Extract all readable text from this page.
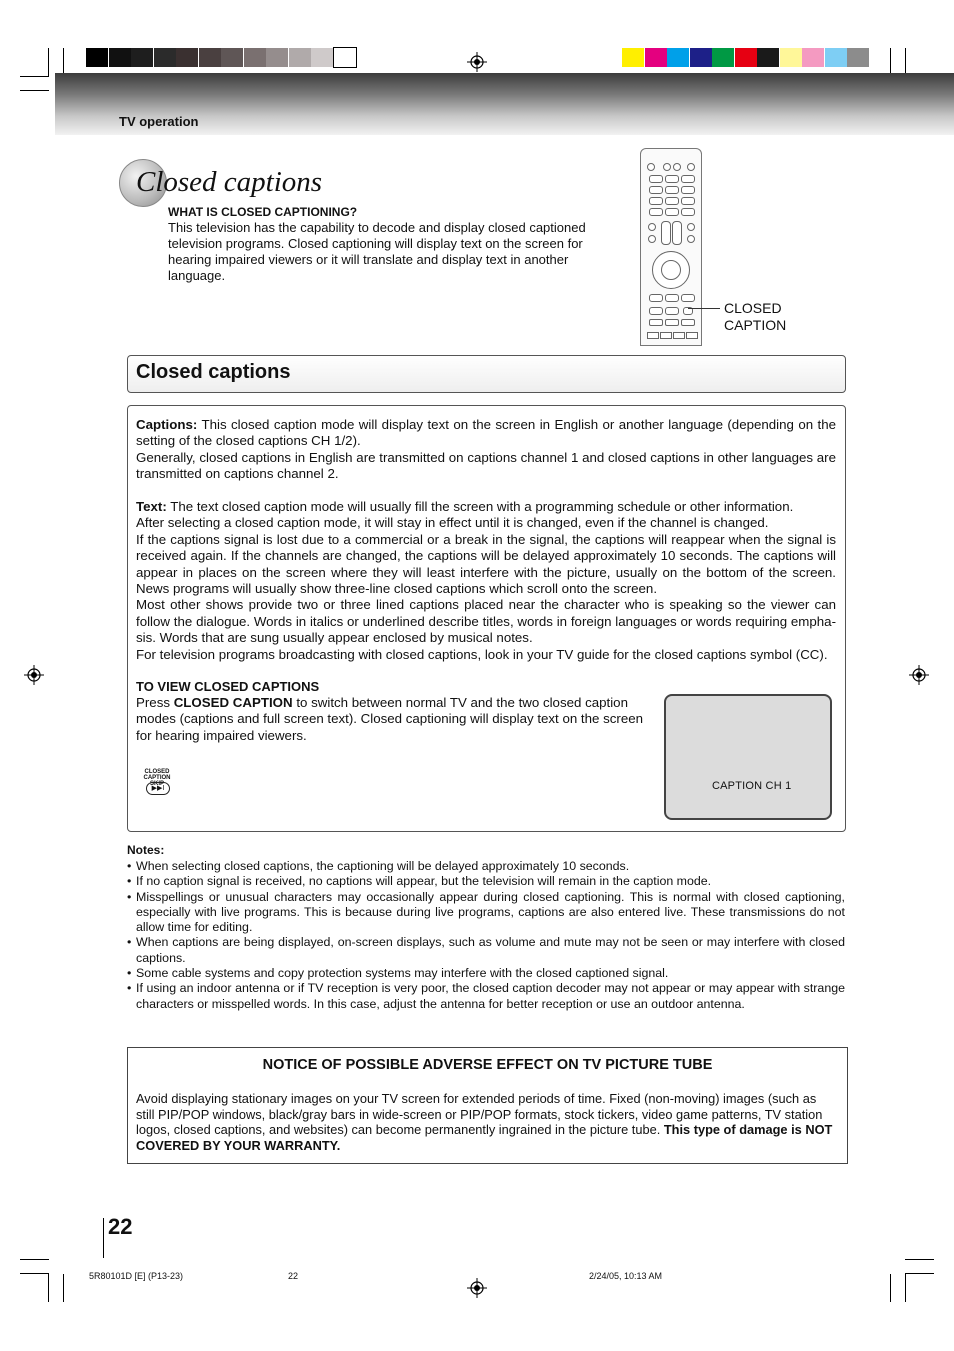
TV operation
Closed captions
WHAT IS CLOSED CAPTIONING?
This television has the capability to decode and display closed captioned television programs. Closed captioning will display text on the screen for hearing impaired viewers or it will translate and display text in another language.
CLOSED
CAPTION
Closed captions

Captions: This closed caption mode will display text on the screen in English or another language (depending on the setting of the closed captions CH 1/2).

Generally, closed captions in English are transmitted on captions channel 1 and closed captions in other languages are transmitted on captions channel 2.

Text: The text closed caption mode will usually fill the screen with a programming schedule or other information.

After selecting a closed caption mode, it will stay in effect until it is changed, even if the channel is changed.

If the captions signal is lost due to a commercial or a break in the signal, the captions will reappear when the signal is received again. If the channels are changed, the captions will be delayed approximately 10 seconds. The captions will appear in places on the screen where they will least interfere with the picture, usually on the bottom of the screen. News programs will usually show three-line closed captions which scroll onto the screen.

Most other shows provide two or three lined captions placed near the character who is speaking so the viewer can follow the dialogue. Words in italics or underlined describe titles, words in foreign languages or words requiring empha-sis. Words that are sung usually appear enclosed by musical notes.

For television programs broadcasting with closed captions, look in your TV guide for the closed captions symbol (CC).

TO VIEW CLOSED CAPTIONS
Press CLOSED CAPTION to switch between normal TV and the two closed caption modes (captions and full screen text). Closed captioning will display text on the screen for hearing impaired viewers.
CLOSED CAPTION
SKIP
▶▶I	CAPTION CH 1
Notes:

• When selecting closed captions, the captioning will be delayed approximately 10 seconds.

• If no caption signal is received, no captions will appear, but the television will remain in the caption mode.

• Misspellings or unusual characters may occasionally appear during closed captioning. This is normal with closed captioning, especially with live programs. This is because during live programs, captions are also entered live. These transmissions do not allow time for editing.

• When captions are being displayed, on-screen displays, such as volume and mute may not be seen or may interfere with closed captions.

• Some cable systems and copy protection systems may interfere with the closed captioned signal.

• If using an indoor antenna or if TV reception is very poor, the closed caption decoder may not appear or may appear with strange characters or misspelled words. In this case, adjust the antenna for better reception or use an outdoor antenna.

NOTICE OF POSSIBLE ADVERSE EFFECT ON TV PICTURE TUBE
Avoid displaying stationary images on your TV screen for extended periods of time. Fixed (non-moving) images (such as still PIP/POP windows, black/gray bars in wide-screen or PIP/POP formats, stock tickers, video game patterns, TV station logos, closed captions, and websites) can become permanently ingrained in the picture tube. This type of damage is NOT COVERED BY YOUR WARRANTY.
22
5R80101D [E] (P13-23)	22	2/24/05, 10:13 AM
